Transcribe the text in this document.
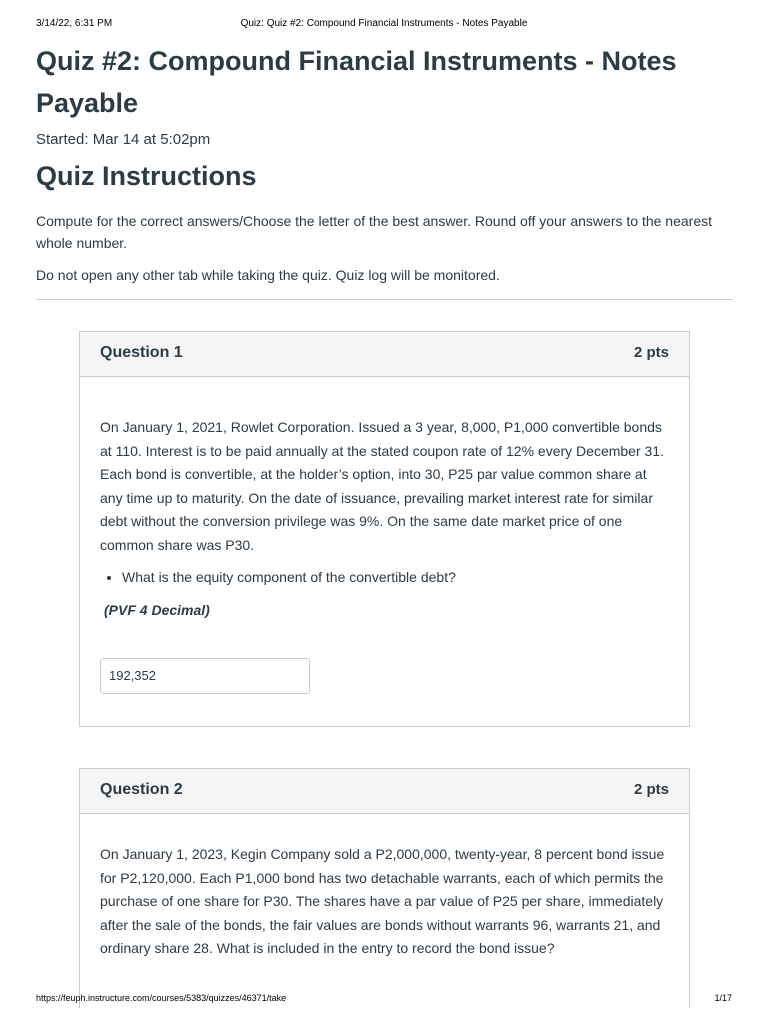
3/14/22, 6:31 PM	Quiz: Quiz #2: Compound Financial Instruments - Notes Payable
Quiz #2: Compound Financial Instruments - Notes Payable
Started: Mar 14 at 5:02pm
Quiz Instructions

Compute for the correct answers/Choose the letter of the best answer. Round off your answers to the nearest whole number.

Do not open any other tab while taking the quiz. Quiz log will be monitored.

Question 1	2 pts

On January 1, 2021, Rowlet Corporation. Issued a 3 year, 8,000, P1,000 convertible bonds at 110. Interest is to be paid annually at the stated coupon rate of 12% every December 31. Each bond is convertible, at the holder’s option, into 30, P25 par value common share at any time up to maturity. On the date of issuance, prevailing market interest rate for similar debt without the conversion privilege was 9%. On the same date market price of one common share was P30.

• What is the equity component of the convertible debt?
(PVF 4 Decimal)
192,352
Question 2	2 pts

On January 1, 2023, Kegin Company sold a P2,000,000, twenty-year, 8 percent bond issue for P2,120,000. Each P1,000 bond has two detachable warrants, each of which permits the purchase of one share for P30. The shares have a par value of P25 per share, immediately after the sale of the bonds, the fair values are bonds without warrants 96, warrants 21, and ordinary share 28. What is included in the entry to record the bond issue?

https://feuph.instructure.com/courses/5383/quizzes/46371/take	1/17
